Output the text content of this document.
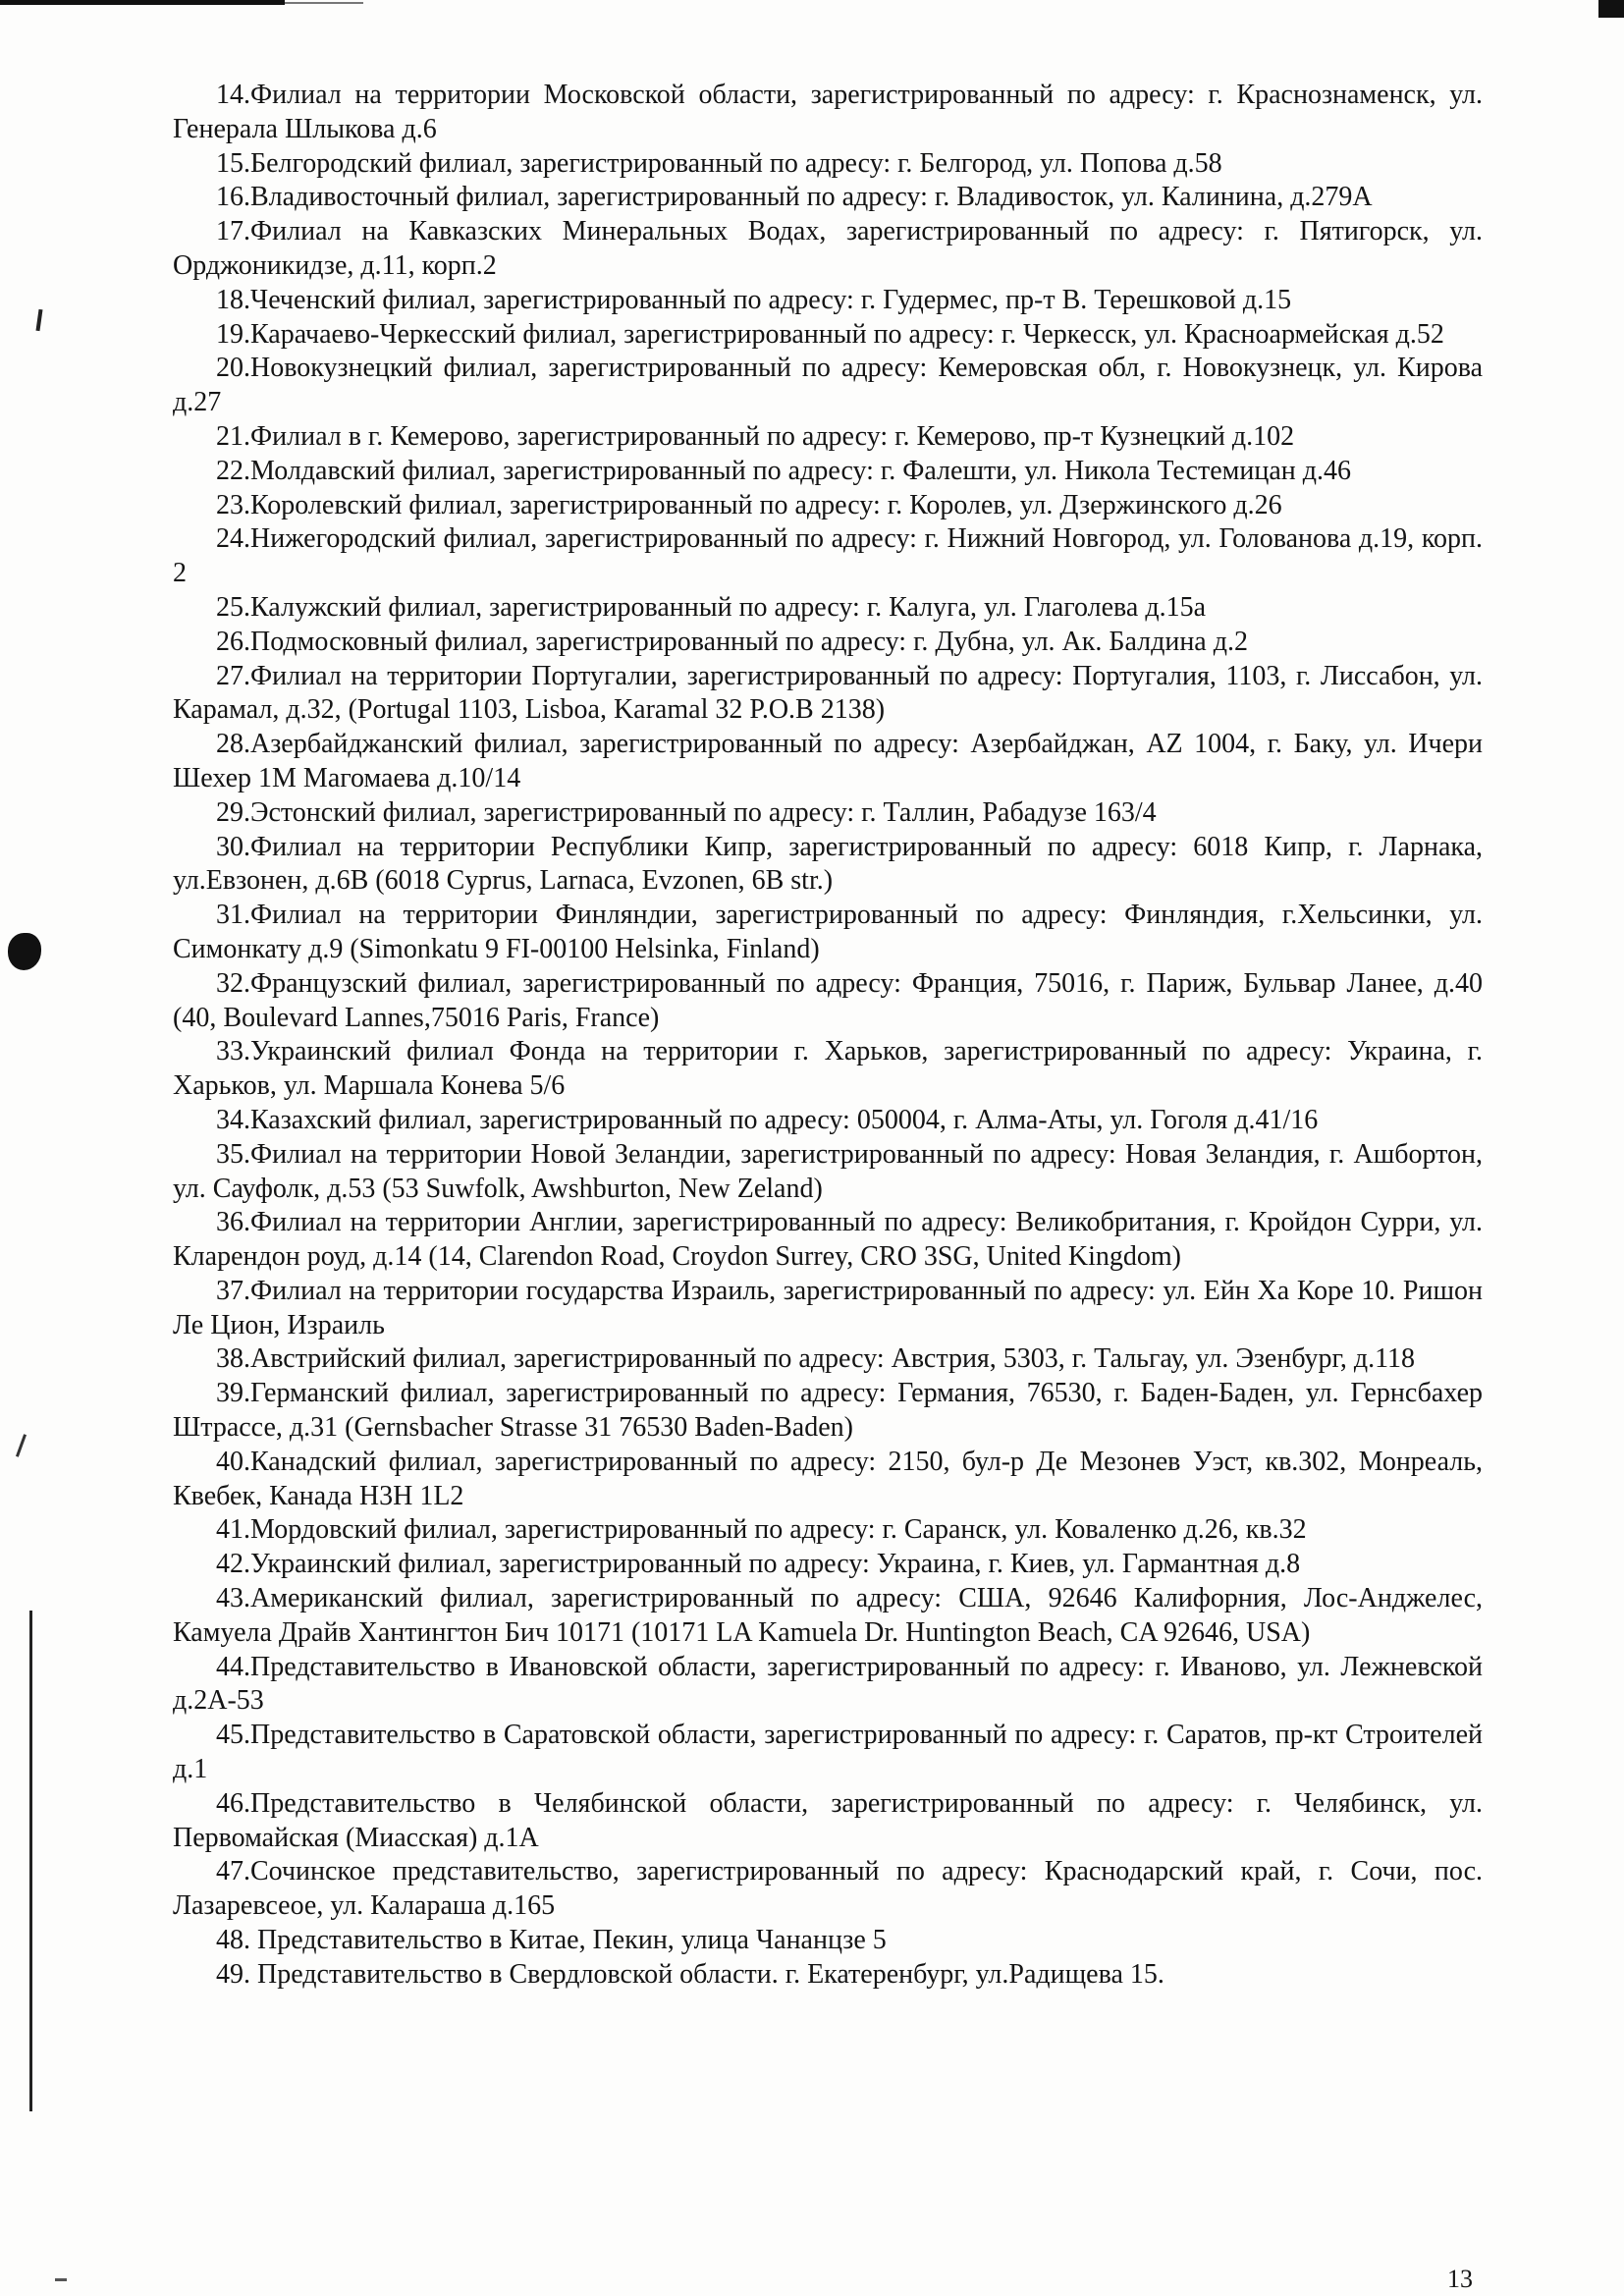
14.Филиал на территории Московской области, зарегистрированный по адресу: г. Краснознаменск, ул. Генерала Шлыкова д.6

15.Белгородский филиал, зарегистрированный по адресу: г. Белгород, ул. Попова д.58

16.Владивосточный филиал, зарегистрированный по адресу: г. Владивосток, ул. Калинина, д.279А

17.Филиал на Кавказских Минеральных Водах, зарегистрированный по адресу: г. Пятигорск, ул. Орджоникидзе, д.11, корп.2

18.Чеченский филиал, зарегистрированный по адресу: г. Гудермес, пр-т В. Терешковой д.15

19.Карачаево-Черкесский филиал, зарегистрированный по адресу: г. Черкесск, ул. Красноармейская д.52

20.Новокузнецкий филиал, зарегистрированный по адресу: Кемеровская обл, г. Новокузнецк, ул. Кирова д.27

21.Филиал в г. Кемерово, зарегистрированный по адресу: г. Кемерово, пр-т Кузнецкий д.102

22.Молдавский филиал, зарегистрированный по адресу: г. Фалешти, ул. Никола Тестемицан д.46

23.Королевский филиал, зарегистрированный по адресу: г. Королев, ул. Дзержинского д.26

24.Нижегородский филиал, зарегистрированный по адресу: г. Нижний Новгород, ул. Голованова д.19, корп. 2

25.Калужский филиал, зарегистрированный по адресу: г. Калуга, ул. Глаголева д.15а

26.Подмосковный филиал, зарегистрированный по адресу: г. Дубна, ул. Ак. Балдина д.2

27.Филиал на территории Португалии, зарегистрированный по адресу: Португалия, 1103, г. Лиссабон, ул. Карамал, д.32, (Portugal 1103, Lisboa, Karamal 32 P.O.B 2138)

28.Азербайджанский филиал, зарегистрированный по адресу: Азербайджан, AZ 1004, г. Баку, ул. Ичери Шехер 1М Магомаева д.10/14

29.Эстонский филиал, зарегистрированный по адресу: г. Таллин, Рабадузе 163/4

30.Филиал на территории Республики Кипр, зарегистрированный по адресу: 6018 Кипр, г. Ларнака, ул.Евзонен, д.6В (6018 Cyprus, Larnaca, Evzonen, 6B str.)

31.Филиал на территории Финляндии, зарегистрированный по адресу: Финляндия, г.Хельсинки, ул. Симонкату д.9 (Simonkatu 9 FI-00100 Helsinka, Finland)

32.Французский филиал, зарегистрированный по адресу: Франция, 75016, г. Париж, Бульвар Ланее, д.40 (40, Boulevard Lannes,75016 Paris, France)

33.Украинский филиал Фонда на территории г. Харьков, зарегистрированный по адресу: Украина, г. Харьков, ул. Маршала Конева 5/6

34.Казахский филиал, зарегистрированный по адресу: 050004, г. Алма-Аты, ул. Гоголя д.41/16

35.Филиал на территории Новой Зеландии, зарегистрированный по адресу: Новая Зеландия, г. Ашбортон, ул. Cауфолк, д.53 (53 Suwfolk, Awshburton, New Zeland)

36.Филиал на территории Англии, зарегистрированный по адресу: Великобритания, г. Кройдон Сурри, ул. Кларендон роуд, д.14 (14, Clarendon Road, Croydon Surrey, CRO 3SG, United Kingdom)

37.Филиал на территории государства Израиль, зарегистрированный по адресу: ул. Ейн Ха Коре 10. Ришон Ле Цион, Израиль

38.Австрийский филиал, зарегистрированный по адресу: Австрия, 5303, г. Тальгау, ул. Эзенбург, д.118

39.Германский филиал, зарегистрированный по адресу: Германия, 76530, г. Баден-Баден, ул. Гернсбахер Штрассе, д.31 (Gernsbacher Strasse 31 76530 Baden-Baden)

40.Канадский филиал, зарегистрированный по адресу: 2150, бул-р Де Мезонев Уэст, кв.302, Монреаль, Квебек, Канада H3H 1L2

41.Мордовский филиал, зарегистрированный по адресу: г. Саранск, ул. Коваленко д.26, кв.32

42.Украинский филиал, зарегистрированный по адресу: Украина, г. Киев, ул. Гармантная д.8

43.Американский филиал, зарегистрированный по адресу: США, 92646 Калифорния, Лос-Анджелес, Камуела Драйв Хантингтон Бич 10171 (10171 LA Kamuela Dr. Huntington Beach, CA 92646, USA)

44.Представительство в Ивановской области, зарегистрированный по адресу: г. Иваново, ул. Лежневской д.2А-53

45.Представительство в Саратовской области, зарегистрированный по адресу: г. Саратов, пр-кт Строителей д.1

46.Представительство в Челябинской области, зарегистрированный по адресу: г. Челябинск, ул. Первомайская (Миасская) д.1А

47.Сочинское представительство, зарегистрированный по адресу: Краснодарский край, г. Сочи, пос. Лазаревсеое, ул. Калараша д.165

48. Представительство в Китае, Пекин, улица Чананцзе 5

49. Представительство в Свердловской области. г. Екатеренбург, ул.Радищева 15.

13
